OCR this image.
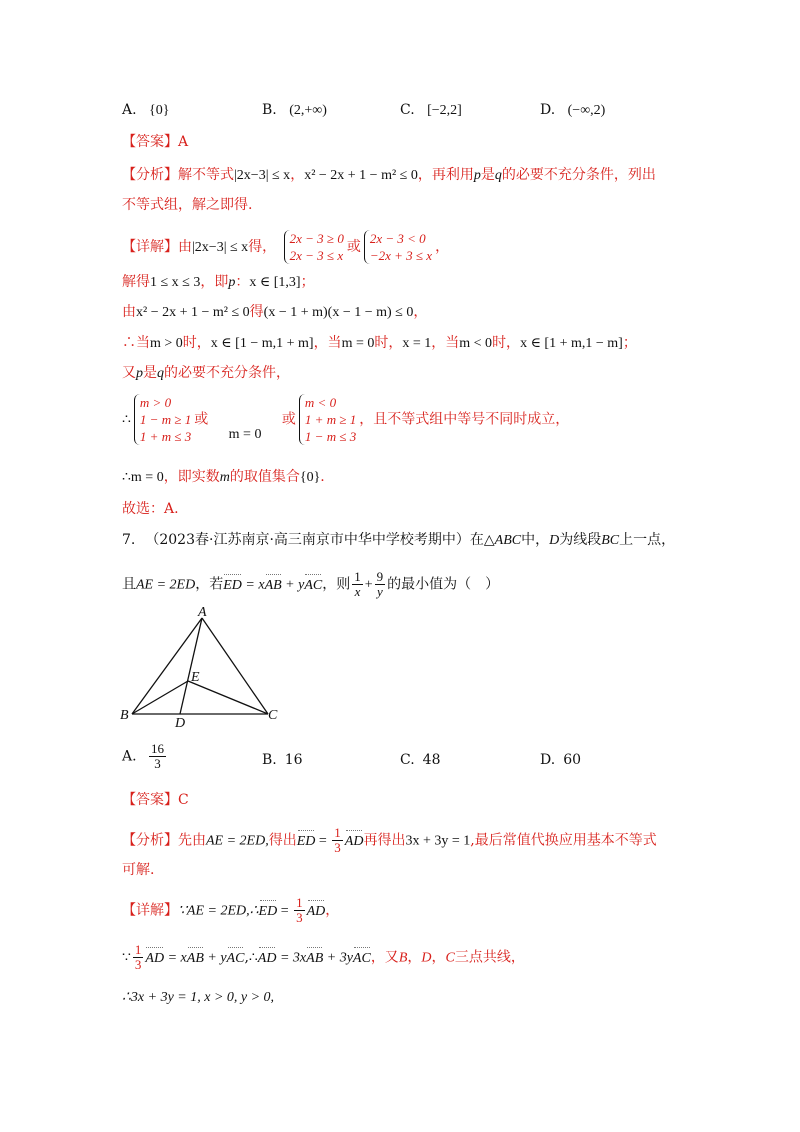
A. {0}	B. (2,+∞)	C. [−2,2]	D. (−∞,2)
【答案】A
【分析】解不等式|2x−3| ≤ x，x² − 2x + 1 − m² ≤ 0，再利用p是q的必要不充分条件，列出
不等式组，解之即得.
【详解】由|2x−3| ≤ x得，
2x − 3 ≥ 0
2x − 3 ≤ x
或
2x − 3 < 0
−2x + 3 ≤ x
，
解得1 ≤ x ≤ 3，即p：x ∈ [1,3]；
由x² − 2x + 1 − m² ≤ 0得(x − 1 + m)(x − 1 − m) ≤ 0，
∴当m > 0时，x ∈ [1 − m,1 + m]，当m = 0时，x = 1，当m < 0时，x ∈ [1 + m,1 − m]；
又p是q的必要不充分条件，
∴
m > 0
1 − m ≥ 1
1 + m ≤ 3
或 m = 0 或
m < 0
1 + m ≥ 1
1 − m ≤ 3
，且不等式组中等号不同时成立，
∴m = 0，即实数m的取值集合{0}.
故选：A.
7. （2023春·江苏南京·高三南京市中华中学校考期中）在△ABC中，D为线段BC上一点，
且AE = 2ED，若ED = xAB + yAC，则 $\frac{1}{x} + \frac{9}{y}$ 的最小值为（　）
A
B	C
D
E
A. $\frac{16}{3}$	B. 16	C. 48	D. 60
【答案】C
【分析】先由AE = 2ED,得出ED = $\frac{1}{3}$ AD再得出3x + 3y = 1,最后常值代换应用基本不等式
可解.
【详解】∵AE = 2ED,∴ED = $\frac{1}{3}$ AD，
∵ $\frac{1}{3}$ AD = xAB + yAC,∴AD = 3xAB + 3yAC，又B，D，C三点共线，
∴3x + 3y = 1, x > 0, y > 0,
